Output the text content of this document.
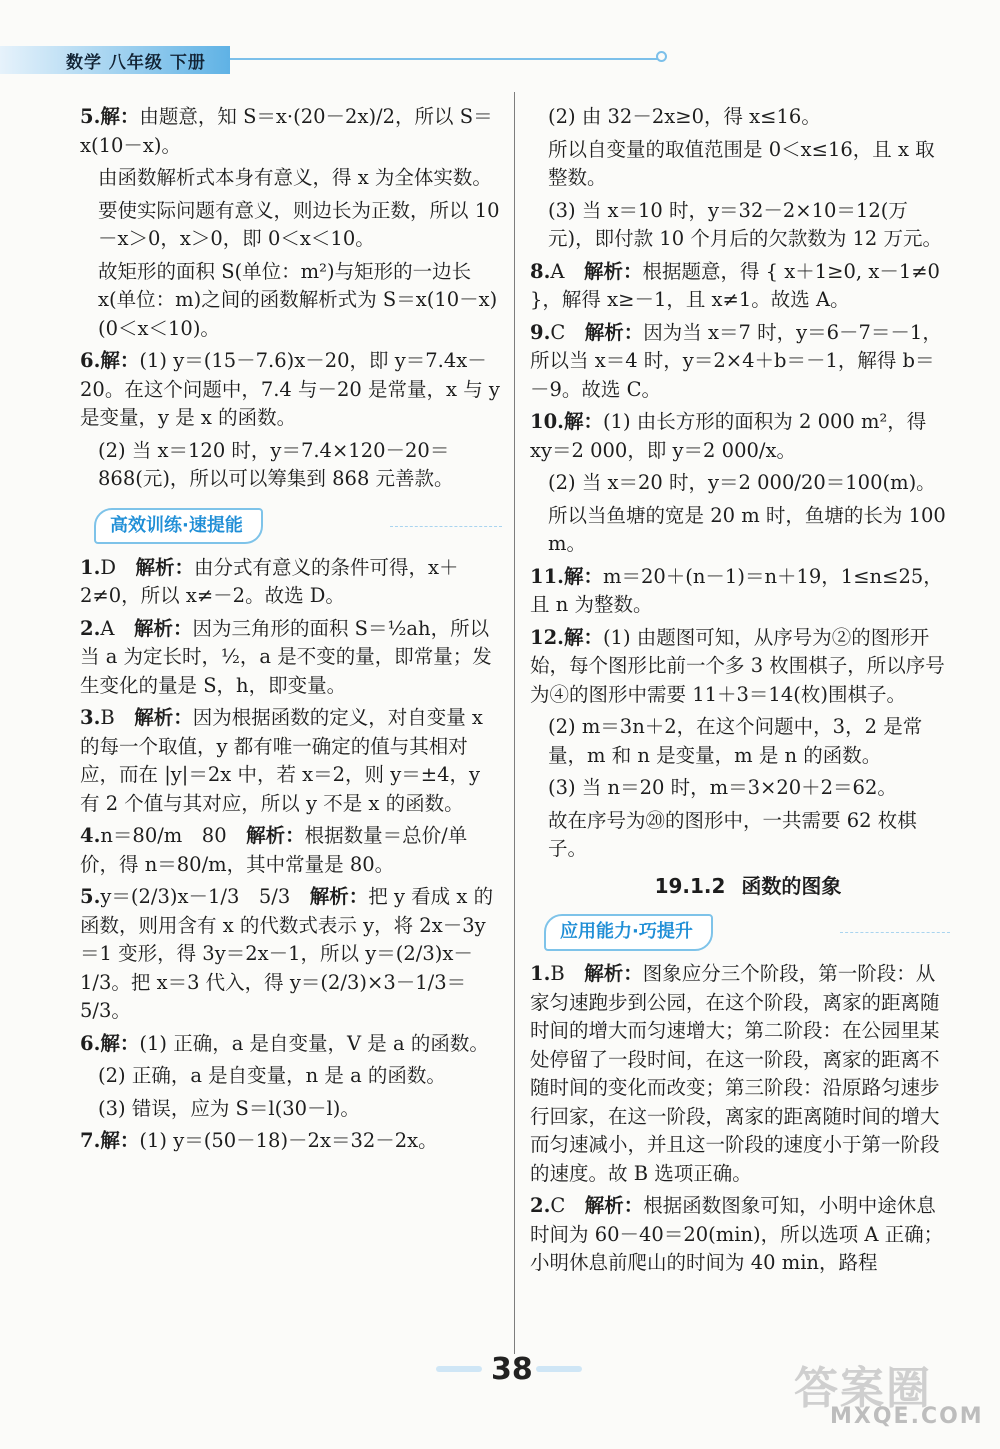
数学 八年级 下册
5.解：由题意，知 S＝x·(20－2x)/2，所以 S＝x(10－x)。
由函数解析式本身有意义，得 x 为全体实数。
要使实际问题有意义，则边长为正数，所以 10－x＞0，x＞0，即 0＜x＜10。
故矩形的面积 S(单位：m²)与矩形的一边长 x(单位：m)之间的函数解析式为 S＝x(10－x)(0＜x＜10)。
6.解：(1) y＝(15－7.6)x－20，即 y＝7.4x－20。在这个问题中，7.4 与－20 是常量，x 与 y 是变量，y 是 x 的函数。
(2) 当 x＝120 时，y＝7.4×120－20＝868(元)，所以可以筹集到 868 元善款。
高效训练·速提能
1.D　解析：由分式有意义的条件可得，x＋2≠0，所以 x≠－2。故选 D。
2.A　解析：因为三角形的面积 S＝½ah，所以当 a 为定长时，½，a 是不变的量，即常量；发生变化的量是 S，h，即变量。
3.B　解析：因为根据函数的定义，对自变量 x 的每一个取值，y 都有唯一确定的值与其相对应，而在 |y|＝2x 中，若 x＝2，则 y＝±4，y 有 2 个值与其对应，所以 y 不是 x 的函数。
4.n＝80/m　80　解析：根据数量＝总价/单价，得 n＝80/m，其中常量是 80。
5.y＝(2/3)x－1/3　5/3　解析：把 y 看成 x 的函数，则用含有 x 的代数式表示 y，将 2x－3y＝1 变形，得 3y＝2x－1，所以 y＝(2/3)x－1/3。把 x＝3 代入，得 y＝(2/3)×3－1/3＝5/3。
6.解：(1) 正确，a 是自变量，V 是 a 的函数。
(2) 正确，a 是自变量，n 是 a 的函数。
(3) 错误，应为 S＝l(30－l)。
7.解：(1) y＝(50－18)－2x＝32－2x。
(2) 由 32－2x≥0，得 x≤16。
所以自变量的取值范围是 0＜x≤16，且 x 取整数。
(3) 当 x＝10 时，y＝32－2×10＝12(万元)，即付款 10 个月后的欠款数为 12 万元。
8.A　解析：根据题意，得 { x＋1≥0, x－1≠0 }，解得 x≥－1，且 x≠1。故选 A。
9.C　解析：因为当 x＝7 时，y＝6－7＝－1，所以当 x＝4 时，y＝2×4＋b＝－1，解得 b＝－9。故选 C。
10.解：(1) 由长方形的面积为 2 000 m²，得 xy＝2 000，即 y＝2 000/x。
(2) 当 x＝20 时，y＝2 000/20＝100(m)。
所以当鱼塘的宽是 20 m 时，鱼塘的长为 100 m。
11.解：m＝20＋(n－1)＝n＋19，1≤n≤25，且 n 为整数。
12.解：(1) 由题图可知，从序号为②的图形开始，每个图形比前一个多 3 枚围棋子，所以序号为④的图形中需要 11＋3＝14(枚)围棋子。
(2) m＝3n＋2，在这个问题中，3，2 是常量，m 和 n 是变量，m 是 n 的函数。
(3) 当 n＝20 时，m＝3×20＋2＝62。
故在序号为⑳的图形中，一共需要 62 枚棋子。
19.1.2 函数的图象
应用能力·巧提升
1.B　解析：图象应分三个阶段，第一阶段：从家匀速跑步到公园，在这个阶段，离家的距离随时间的增大而匀速增大；第二阶段：在公园里某处停留了一段时间，在这一阶段，离家的距离不随时间的变化而改变；第三阶段：沿原路匀速步行回家，在这一阶段，离家的距离随时间的增大而匀速减小，并且这一阶段的速度小于第一阶段的速度。故 B 选项正确。
2.C　解析：根据函数图象可知，小明中途休息时间为 60－40＝20(min)，所以选项 A 正确；小明休息前爬山的时间为 40 min，路程
38	答案圈
MXQE.COM
